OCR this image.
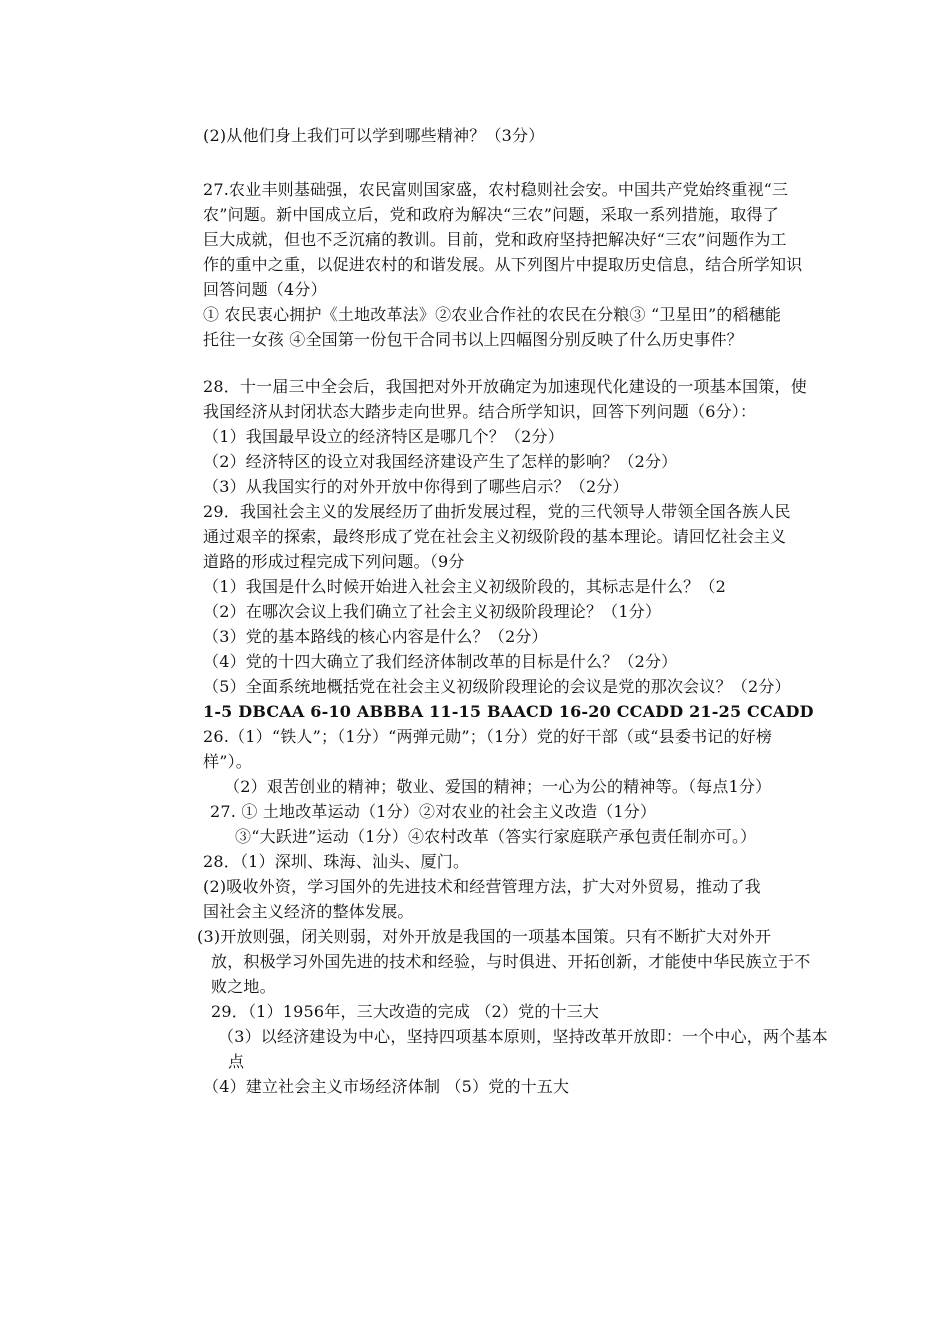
(2)从他们身上我们可以学到哪些精神？（3分）
27.农业丰则基础强，农民富则国家盛，农村稳则社会安。中国共产党始终重视“三
农”问题。新中国成立后，党和政府为解决“三农”问题，采取一系列措施，取得了
巨大成就，但也不乏沉痛的教训。目前，党和政府坚持把解决好“三农”问题作为工
作的重中之重，以促进农村的和谐发展。从下列图片中提取历史信息，结合所学知识
回答问题（4分）
① 农民衷心拥护《土地改革法》②农业合作社的农民在分粮③ “卫星田”的稻穗能
托往一女孩 ④全国第一份包干合同书以上四幅图分别反映了什么历史事件？
28．十一届三中全会后，我国把对外开放确定为加速现代化建设的一项基本国策，使
我国经济从封闭状态大踏步走向世界。结合所学知识，回答下列问题（6分）：
（1）我国最早设立的经济特区是哪几个？（2分）
（2）经济特区的设立对我国经济建设产生了怎样的影响？（2分）
（3）从我国实行的对外开放中你得到了哪些启示？（2分）
29．我国社会主义的发展经历了曲折发展过程，党的三代领导人带领全国各族人民
通过艰辛的探索，最终形成了党在社会主义初级阶段的基本理论。请回忆社会主义
道路的形成过程完成下列问题。（9分
（1）我国是什么时候开始进入社会主义初级阶段的，其标志是什么？（2
（2）在哪次会议上我们确立了社会主义初级阶段理论？（1分）
（3）党的基本路线的核心内容是什么？（2分）
（4）党的十四大确立了我们经济体制改革的目标是什么？（2分）
（5）全面系统地概括党在社会主义初级阶段理论的会议是党的那次会议？（2分）
1-5 DBCAA 6-10 ABBBA 11-15 BAACD 16-20 CCADD 21-25 CCADD
26.（1）“铁人”；（1分）“两弹元勋”；（1分）党的好干部（或“县委书记的好榜
样”）。
（2）艰苦创业的精神；敬业、爱国的精神；一心为公的精神等。（每点1分）
27. ① 土地改革运动（1分）②对农业的社会主义改造（1分）
③“大跃进”运动（1分）④农村改革（答实行家庭联产承包责任制亦可。）
28．（1）深圳、珠海、汕头、厦门。
(2)吸收外资，学习国外的先进技术和经营管理方法，扩大对外贸易，推动了我
国社会主义经济的整体发展。
(3)开放则强，闭关则弱，对外开放是我国的一项基本国策。只有不断扩大对外开
放，积极学习外国先进的技术和经验，与时俱进、开拓创新，才能使中华民族立于不
败之地。
29．（1）1956年，三大改造的完成 （2）党的十三大
（3）以经济建设为中心，坚持四项基本原则，坚持改革开放即：一个中心，两个基本
点
（4）建立社会主义市场经济体制 （5）党的十五大
